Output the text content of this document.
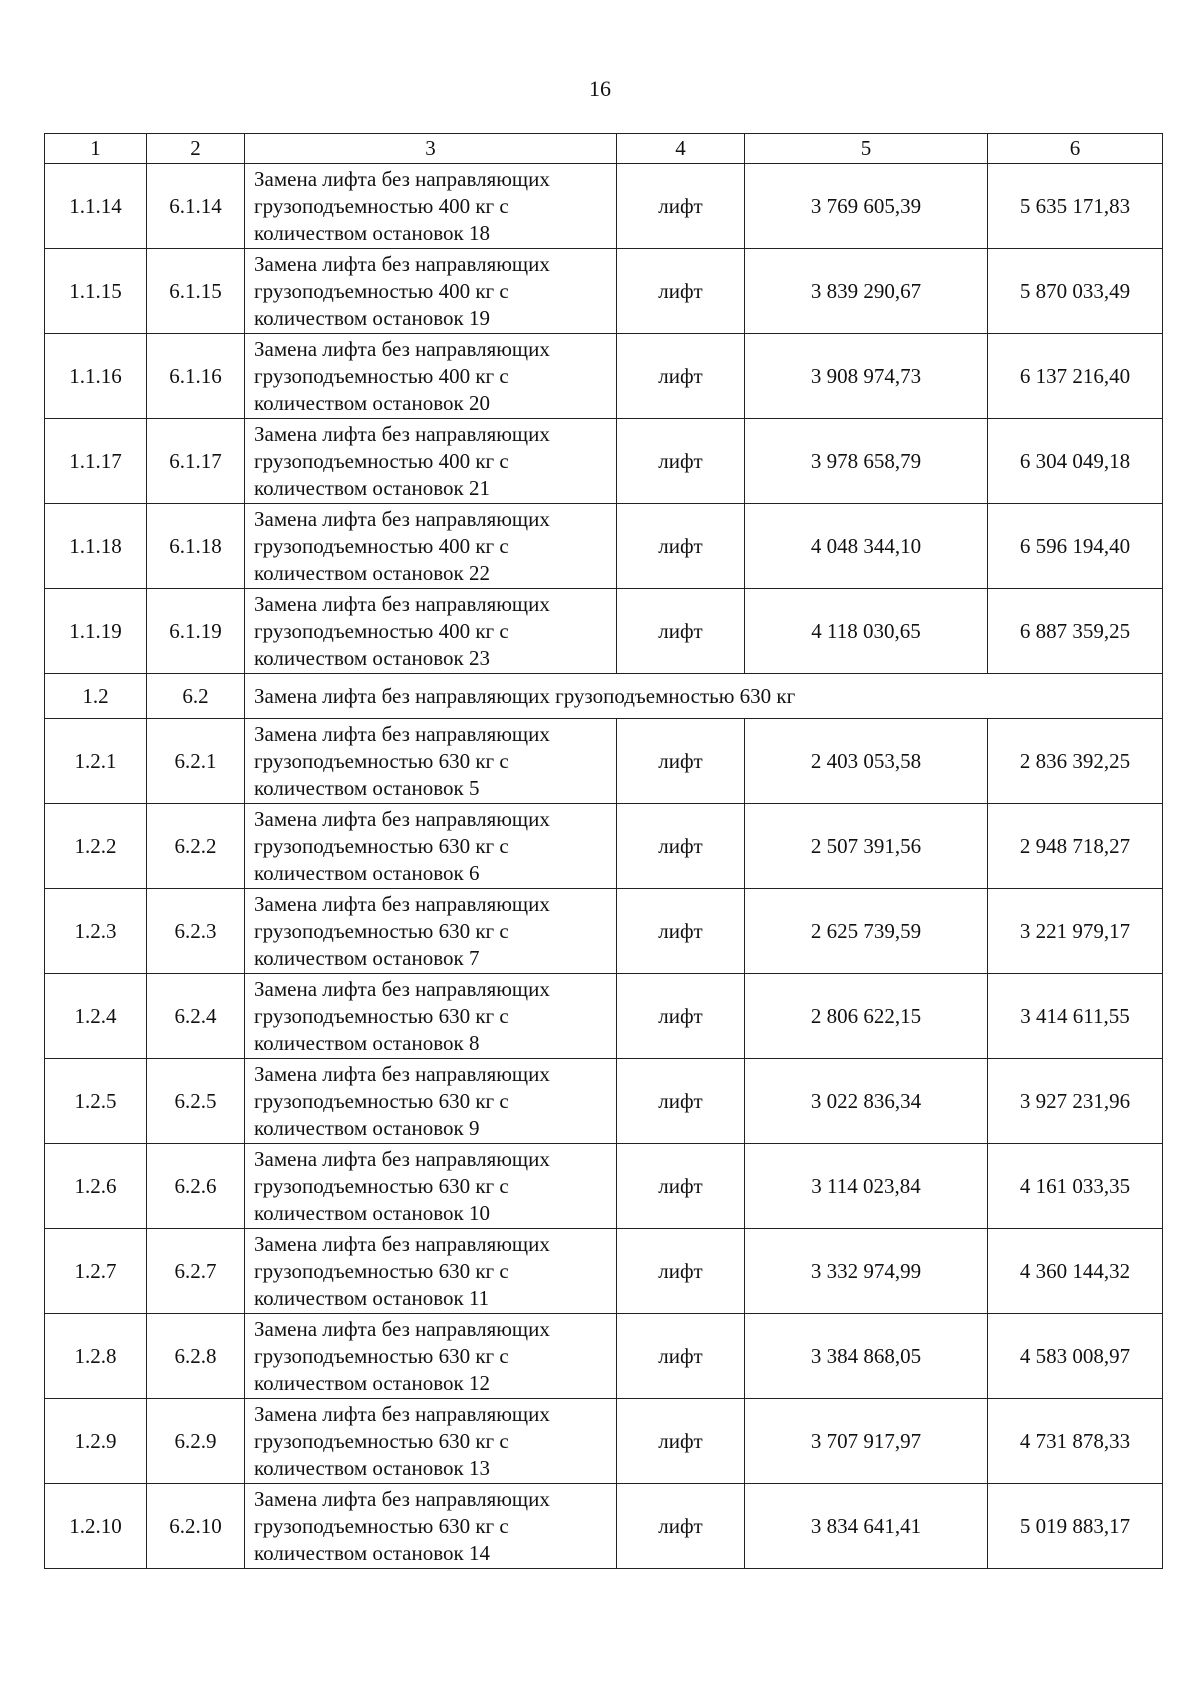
16
1	2	3	4	5	6
1.1.14	6.1.14	Замена лифта без направляющих
грузоподъемностью 400 кг с
количеством остановок 18	лифт	3 769 605,39	5 635 171,83
1.1.15	6.1.15	Замена лифта без направляющих
грузоподъемностью 400 кг с
количеством остановок 19	лифт	3 839 290,67	5 870 033,49
1.1.16	6.1.16	Замена лифта без направляющих
грузоподъемностью 400 кг с
количеством остановок 20	лифт	3 908 974,73	6 137 216,40
1.1.17	6.1.17	Замена лифта без направляющих
грузоподъемностью 400 кг с
количеством остановок 21	лифт	3 978 658,79	6 304 049,18
1.1.18	6.1.18	Замена лифта без направляющих
грузоподъемностью 400 кг с
количеством остановок 22	лифт	4 048 344,10	6 596 194,40
1.1.19	6.1.19	Замена лифта без направляющих
грузоподъемностью 400 кг с
количеством остановок 23	лифт	4 118 030,65	6 887 359,25
1.2	6.2	Замена лифта без направляющих грузоподъемностью 630 кг			
1.2.1	6.2.1	Замена лифта без направляющих
грузоподъемностью 630 кг с
количеством остановок 5	лифт	2 403 053,58	2 836 392,25
1.2.2	6.2.2	Замена лифта без направляющих
грузоподъемностью 630 кг с
количеством остановок 6	лифт	2 507 391,56	2 948 718,27
1.2.3	6.2.3	Замена лифта без направляющих
грузоподъемностью 630 кг с
количеством остановок 7	лифт	2 625 739,59	3 221 979,17
1.2.4	6.2.4	Замена лифта без направляющих
грузоподъемностью 630 кг с
количеством остановок 8	лифт	2 806 622,15	3 414 611,55
1.2.5	6.2.5	Замена лифта без направляющих
грузоподъемностью 630 кг с
количеством остановок 9	лифт	3 022 836,34	3 927 231,96
1.2.6	6.2.6	Замена лифта без направляющих
грузоподъемностью 630 кг с
количеством остановок 10	лифт	3 114 023,84	4 161 033,35
1.2.7	6.2.7	Замена лифта без направляющих
грузоподъемностью 630 кг с
количеством остановок 11	лифт	3 332 974,99	4 360 144,32
1.2.8	6.2.8	Замена лифта без направляющих
грузоподъемностью 630 кг с
количеством остановок 12	лифт	3 384 868,05	4 583 008,97
1.2.9	6.2.9	Замена лифта без направляющих
грузоподъемностью 630 кг с
количеством остановок 13	лифт	3 707 917,97	4 731 878,33
1.2.10	6.2.10	Замена лифта без направляющих
грузоподъемностью 630 кг с
количеством остановок 14	лифт	3 834 641,41	5 019 883,17
